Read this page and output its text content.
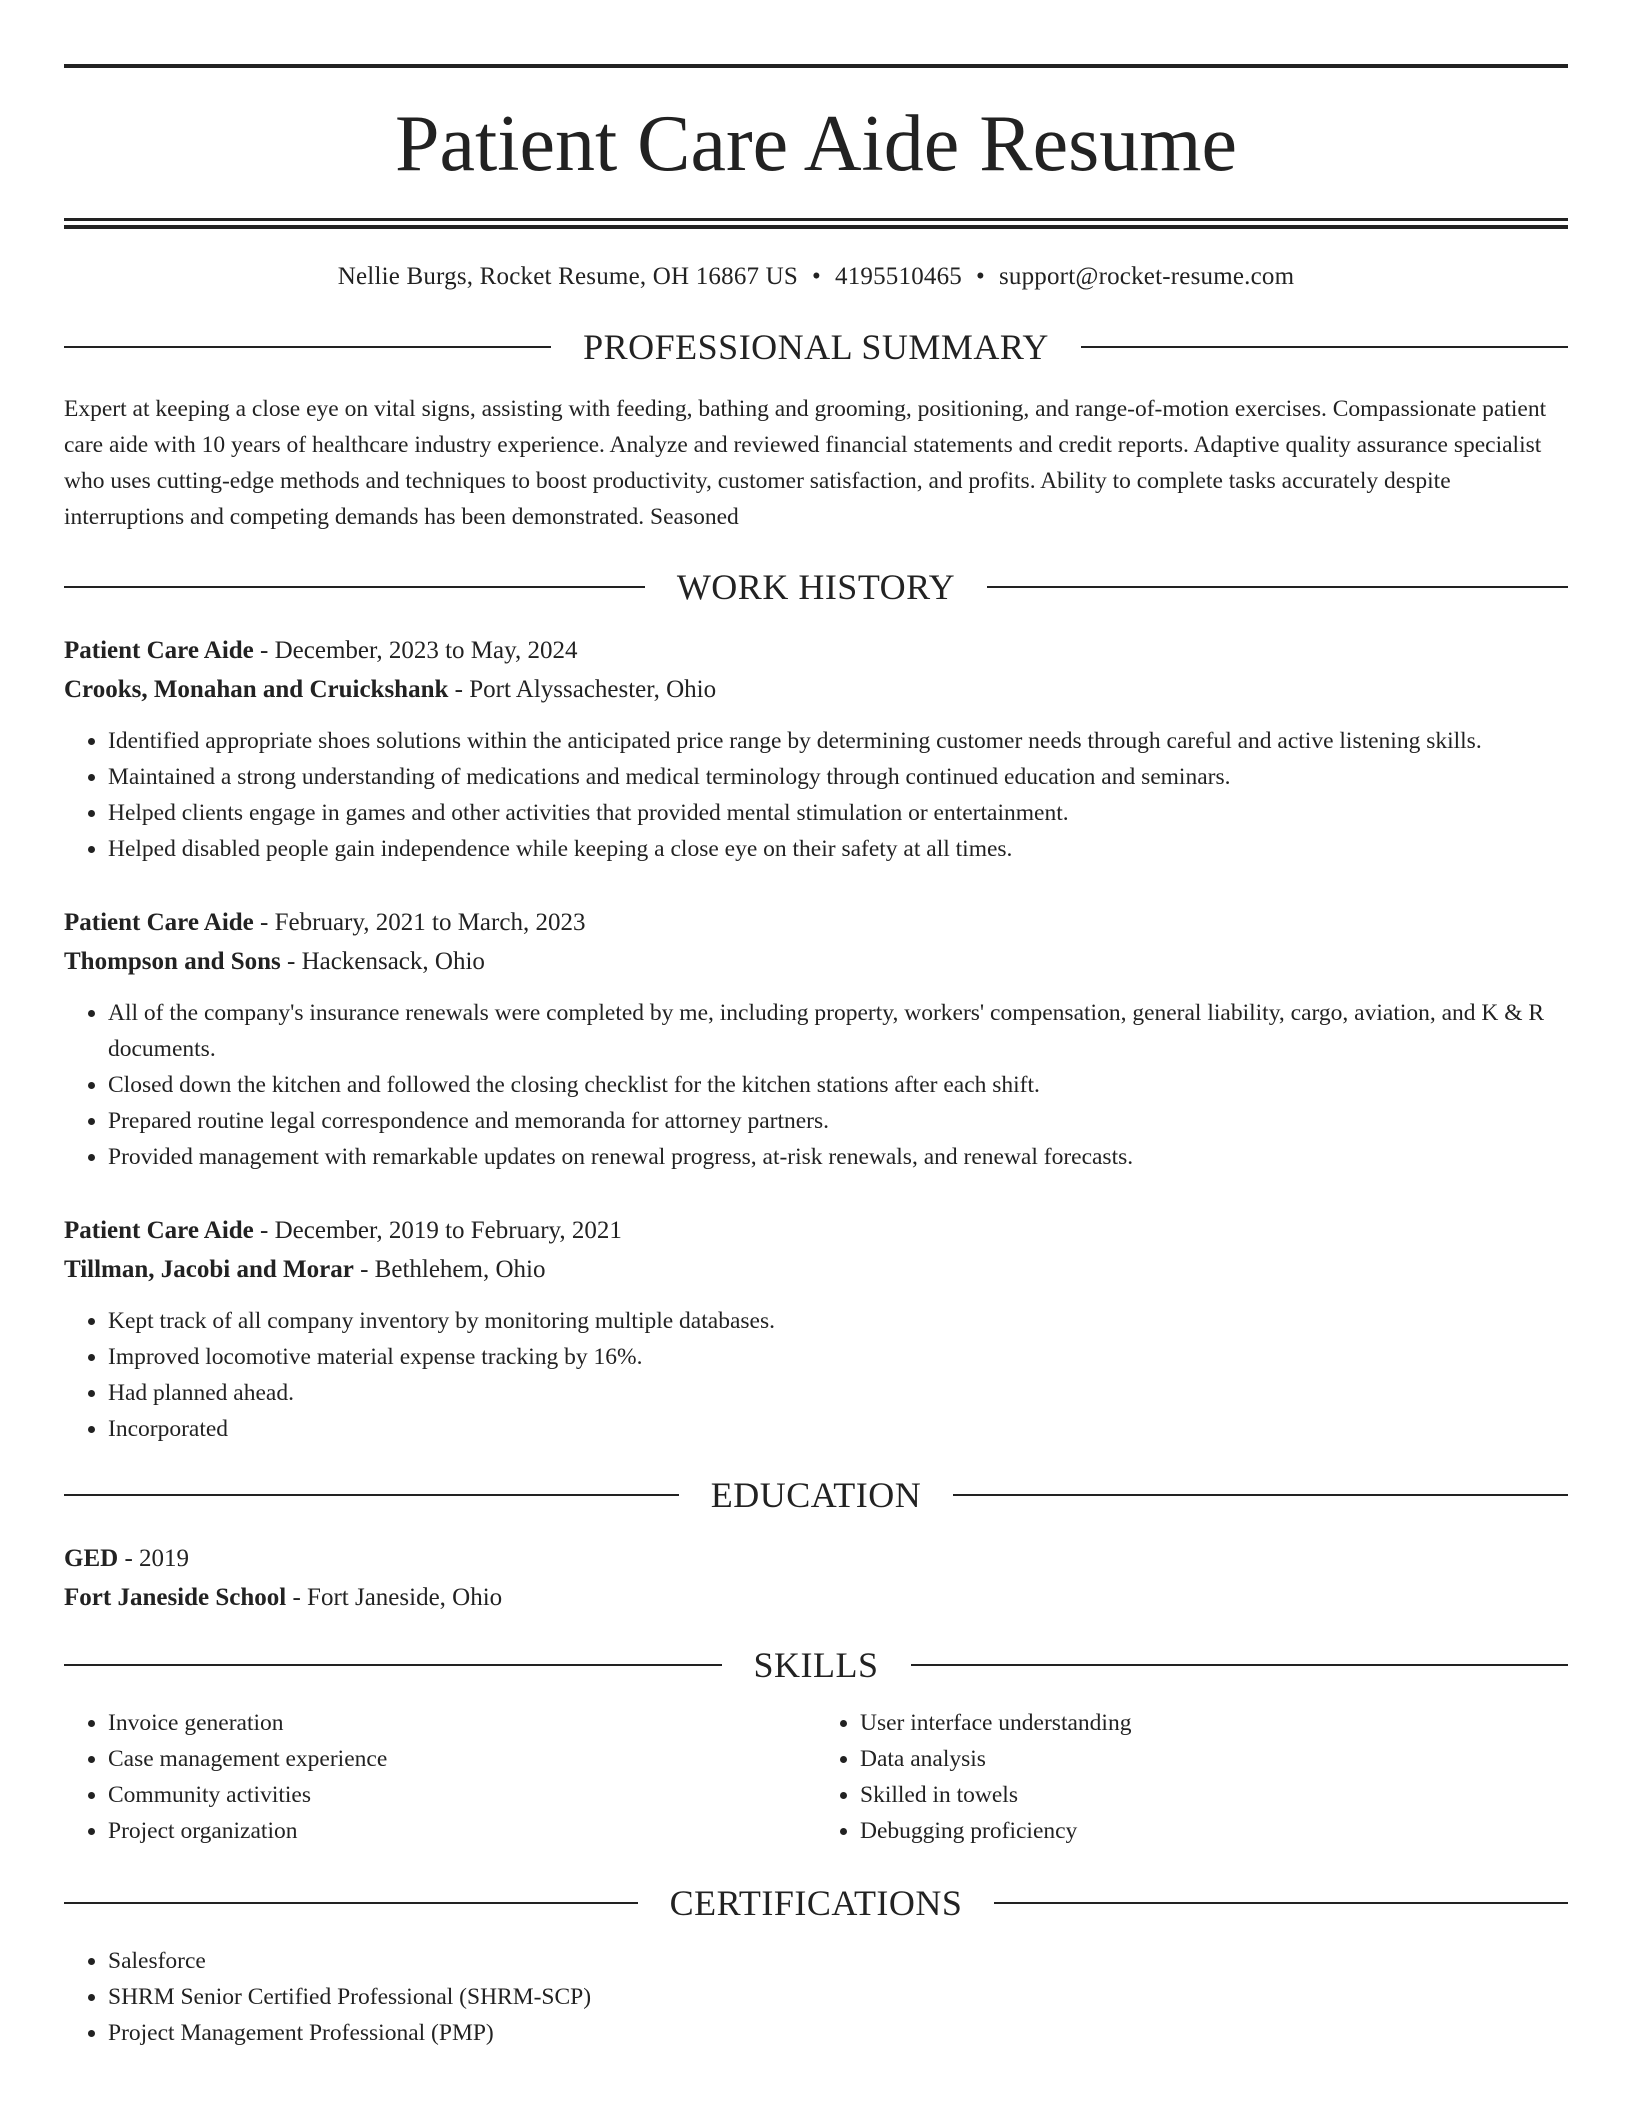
Patient Care Aide Resume
Nellie Burgs, Rocket Resume, OH 16867 US • 4195510465 • support@rocket-resume.com
PROFESSIONAL SUMMARY
Expert at keeping a close eye on vital signs, assisting with feeding, bathing and grooming, positioning, and range-of-motion exercises. Compassionate patient care aide with 10 years of healthcare industry experience. Analyze and reviewed financial statements and credit reports. Adaptive quality assurance specialist who uses cutting-edge methods and techniques to boost productivity, customer satisfaction, and profits. Ability to complete tasks accurately despite interruptions and competing demands has been demonstrated. Seasoned
WORK HISTORY
Patient Care Aide - December, 2023 to May, 2024
Crooks, Monahan and Cruickshank - Port Alyssachester, Ohio
• Identified appropriate shoes solutions within the anticipated price range by determining customer needs through careful and active listening skills.
• Maintained a strong understanding of medications and medical terminology through continued education and seminars.
• Helped clients engage in games and other activities that provided mental stimulation or entertainment.
• Helped disabled people gain independence while keeping a close eye on their safety at all times.
Patient Care Aide - February, 2021 to March, 2023
Thompson and Sons - Hackensack, Ohio
• All of the company's insurance renewals were completed by me, including property, workers' compensation, general liability, cargo, aviation, and K & R documents.
• Closed down the kitchen and followed the closing checklist for the kitchen stations after each shift.
• Prepared routine legal correspondence and memoranda for attorney partners.
• Provided management with remarkable updates on renewal progress, at-risk renewals, and renewal forecasts.
Patient Care Aide - December, 2019 to February, 2021
Tillman, Jacobi and Morar - Bethlehem, Ohio
• Kept track of all company inventory by monitoring multiple databases.
• Improved locomotive material expense tracking by 16%.
• Had planned ahead.
• Incorporated
EDUCATION
GED - 2019
Fort Janeside School - Fort Janeside, Ohio
SKILLS
• Invoice generation
• Case management experience
• Community activities
• Project organization
• User interface understanding
• Data analysis
• Skilled in towels
• Debugging proficiency
CERTIFICATIONS
• Salesforce
• SHRM Senior Certified Professional (SHRM-SCP)
• Project Management Professional (PMP)
